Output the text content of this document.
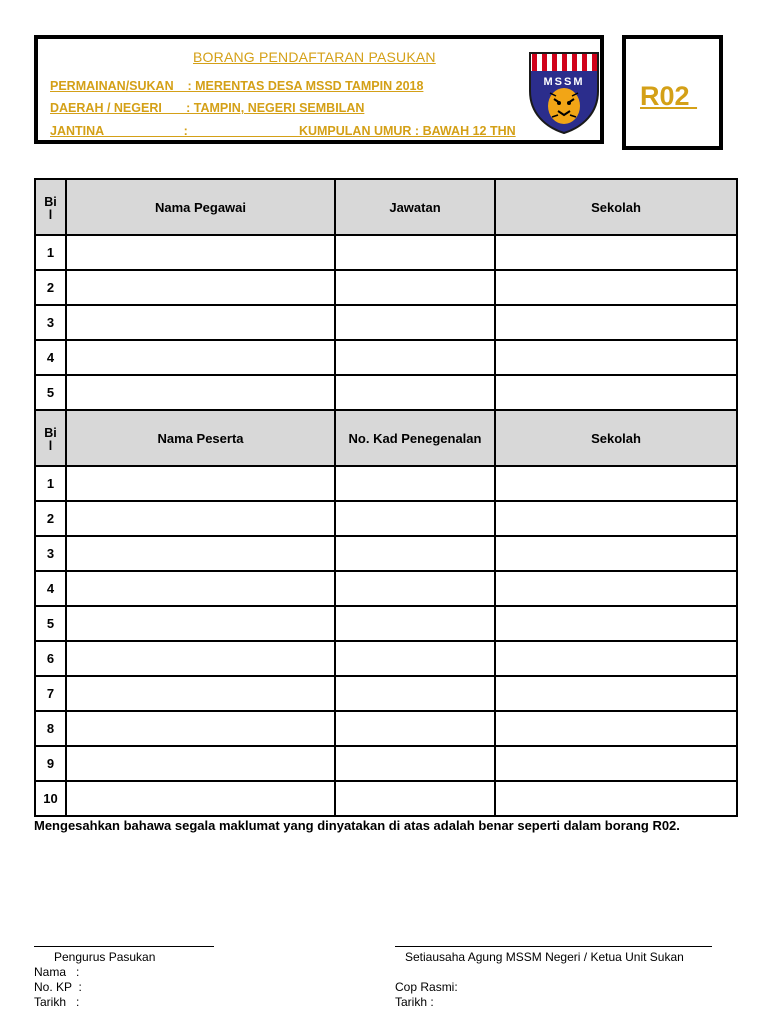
BORANG PENDAFTARAN PASUKAN
PERMAINAN/SUKAN    : MERENTAS DESA MSSD TAMPIN 2018
DAERAH / NEGERI       : TAMPIN, NEGERI SEMBILAN
JANTINA                       : _______________ KUMPULAN UMUR : BAWAH 12 THN
MSSM R02
Bi
l	Nama Pegawai	Jawatan	Sekolah
1			
2			
3			
4			
5			
Bi
l	Nama Peserta	No. Kad Penegenalan	Sekolah
1			
2			
3			
4			
5			
6			
7			
8			
9			
10			
Mengesahkan bahawa segala maklumat yang dinyatakan di atas adalah benar seperti dalam borang R02.
Pengurus Pasukan
Nama   :
No. KP  :
Tarikh   :
Setiausaha Agung MSSM Negeri / Ketua Unit Sukan
Cop Rasmi:
Tarikh :
